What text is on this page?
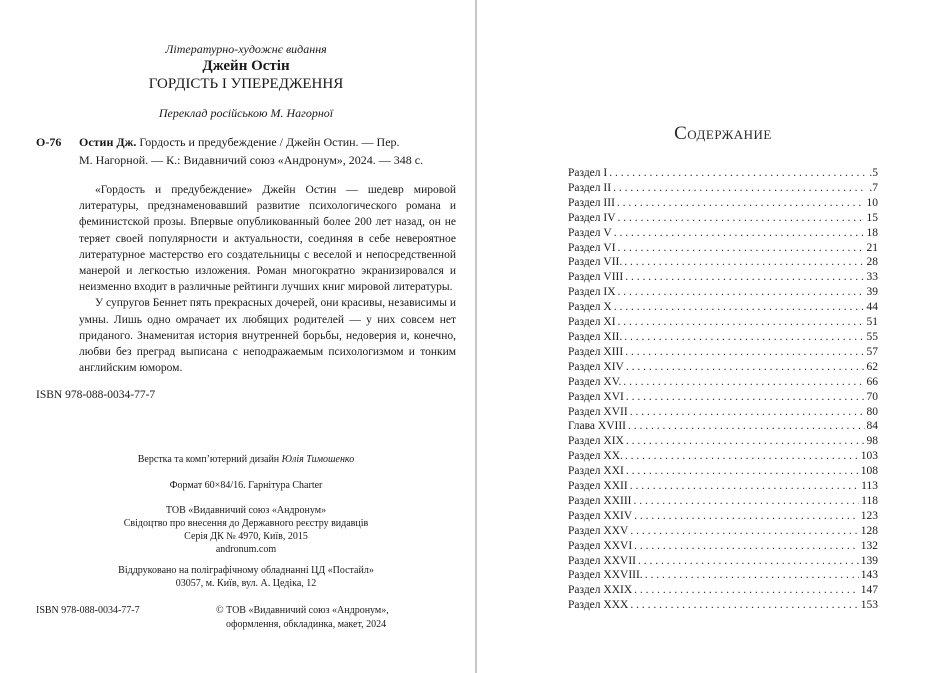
Літературно-художнє видання
Джейн Остін
ГОРДІСТЬ І УПЕРЕДЖЕННЯ
Переклад російською М. Нагорної
О-76	Остин Дж. Гордость и предубеждение / Джейн Остин. — Пер.
М. Нагорной. — К.: Видавничий союз «Андронум», 2024. — 348 с.

«Гордость и предубеждение» Джейн Остин — шедевр мировой литературы, предзнаменовавший развитие психологического романа и феминистской прозы. Впервые опубликованный более 200 лет назад, он не теряет своей популярности и актуальности, соединяя в себе невероятное литературное мастерство его создательницы с веселой и непосредственной манерой и легкостью изложения. Роман многократно экранизировался и неизменно входит в различные рейтинги лучших книг мировой литературы.

У супругов Беннет пять прекрасных дочерей, они красивы, независимы и умны. Лишь одно омрачает их любящих родителей — у них совсем нет приданого. Знаменитая история внутренней борьбы, недоверия и, конечно, любви без преград выписана с неподражаемым психологизмом и тонким английским юмором.

ISBN 978-088-0034-77-7
Верстка та комп’ютерний дизайн Юлія Тимошенко
Формат 60×84/16. Гарнітура Charter
ТОВ «Видавничий союз «Андронум»
Свідоцтво про внесення до Державного реєстру видавців
Серія ДК № 4970, Київ, 2015
andronum.com
Віддруковано на поліграфічному обладнанні ЦД «Постайл»
03057, м. Київ, вул. А. Цедіка, 12
ISBN 978-088-0034-77-7	© ТОВ «Видавничий союз «Андронум»,
оформлення, обкладинка, макет, 2024
Содержание
Раздел I . . .	.5
Раздел II . . .	.7
Раздел III . . .	10
Раздел IV . . .	15
Раздел V . . .	18
Раздел VI . . .	21
Раздел VII. . . .	28
Раздел VIII . . .	33
Раздел IX . . .	39
Раздел X . . .	44
Раздел XI . . .	51
Раздел XII. . . .	55
Раздел XIII . . .	57
Раздел XIV . . .	62
Раздел XV. . . .	66
Раздел XVI . . .	70
Раздел XVII . . .	80
Глава XVIII . . .	84
Раздел XIX . . .	98
Раздел XX. . . .	103
Раздел XXI . . .	108
Раздел XXII . . .	113
Раздел XXIII . . .	118
Раздел XXIV . . .	123
Раздел XXV . . .	128
Раздел XXVI . . .	132
Раздел XXVII . . .	139
Раздел XXVIII. . . .	143
Раздел XXIX . . .	147
Раздел XXX . . .	153
